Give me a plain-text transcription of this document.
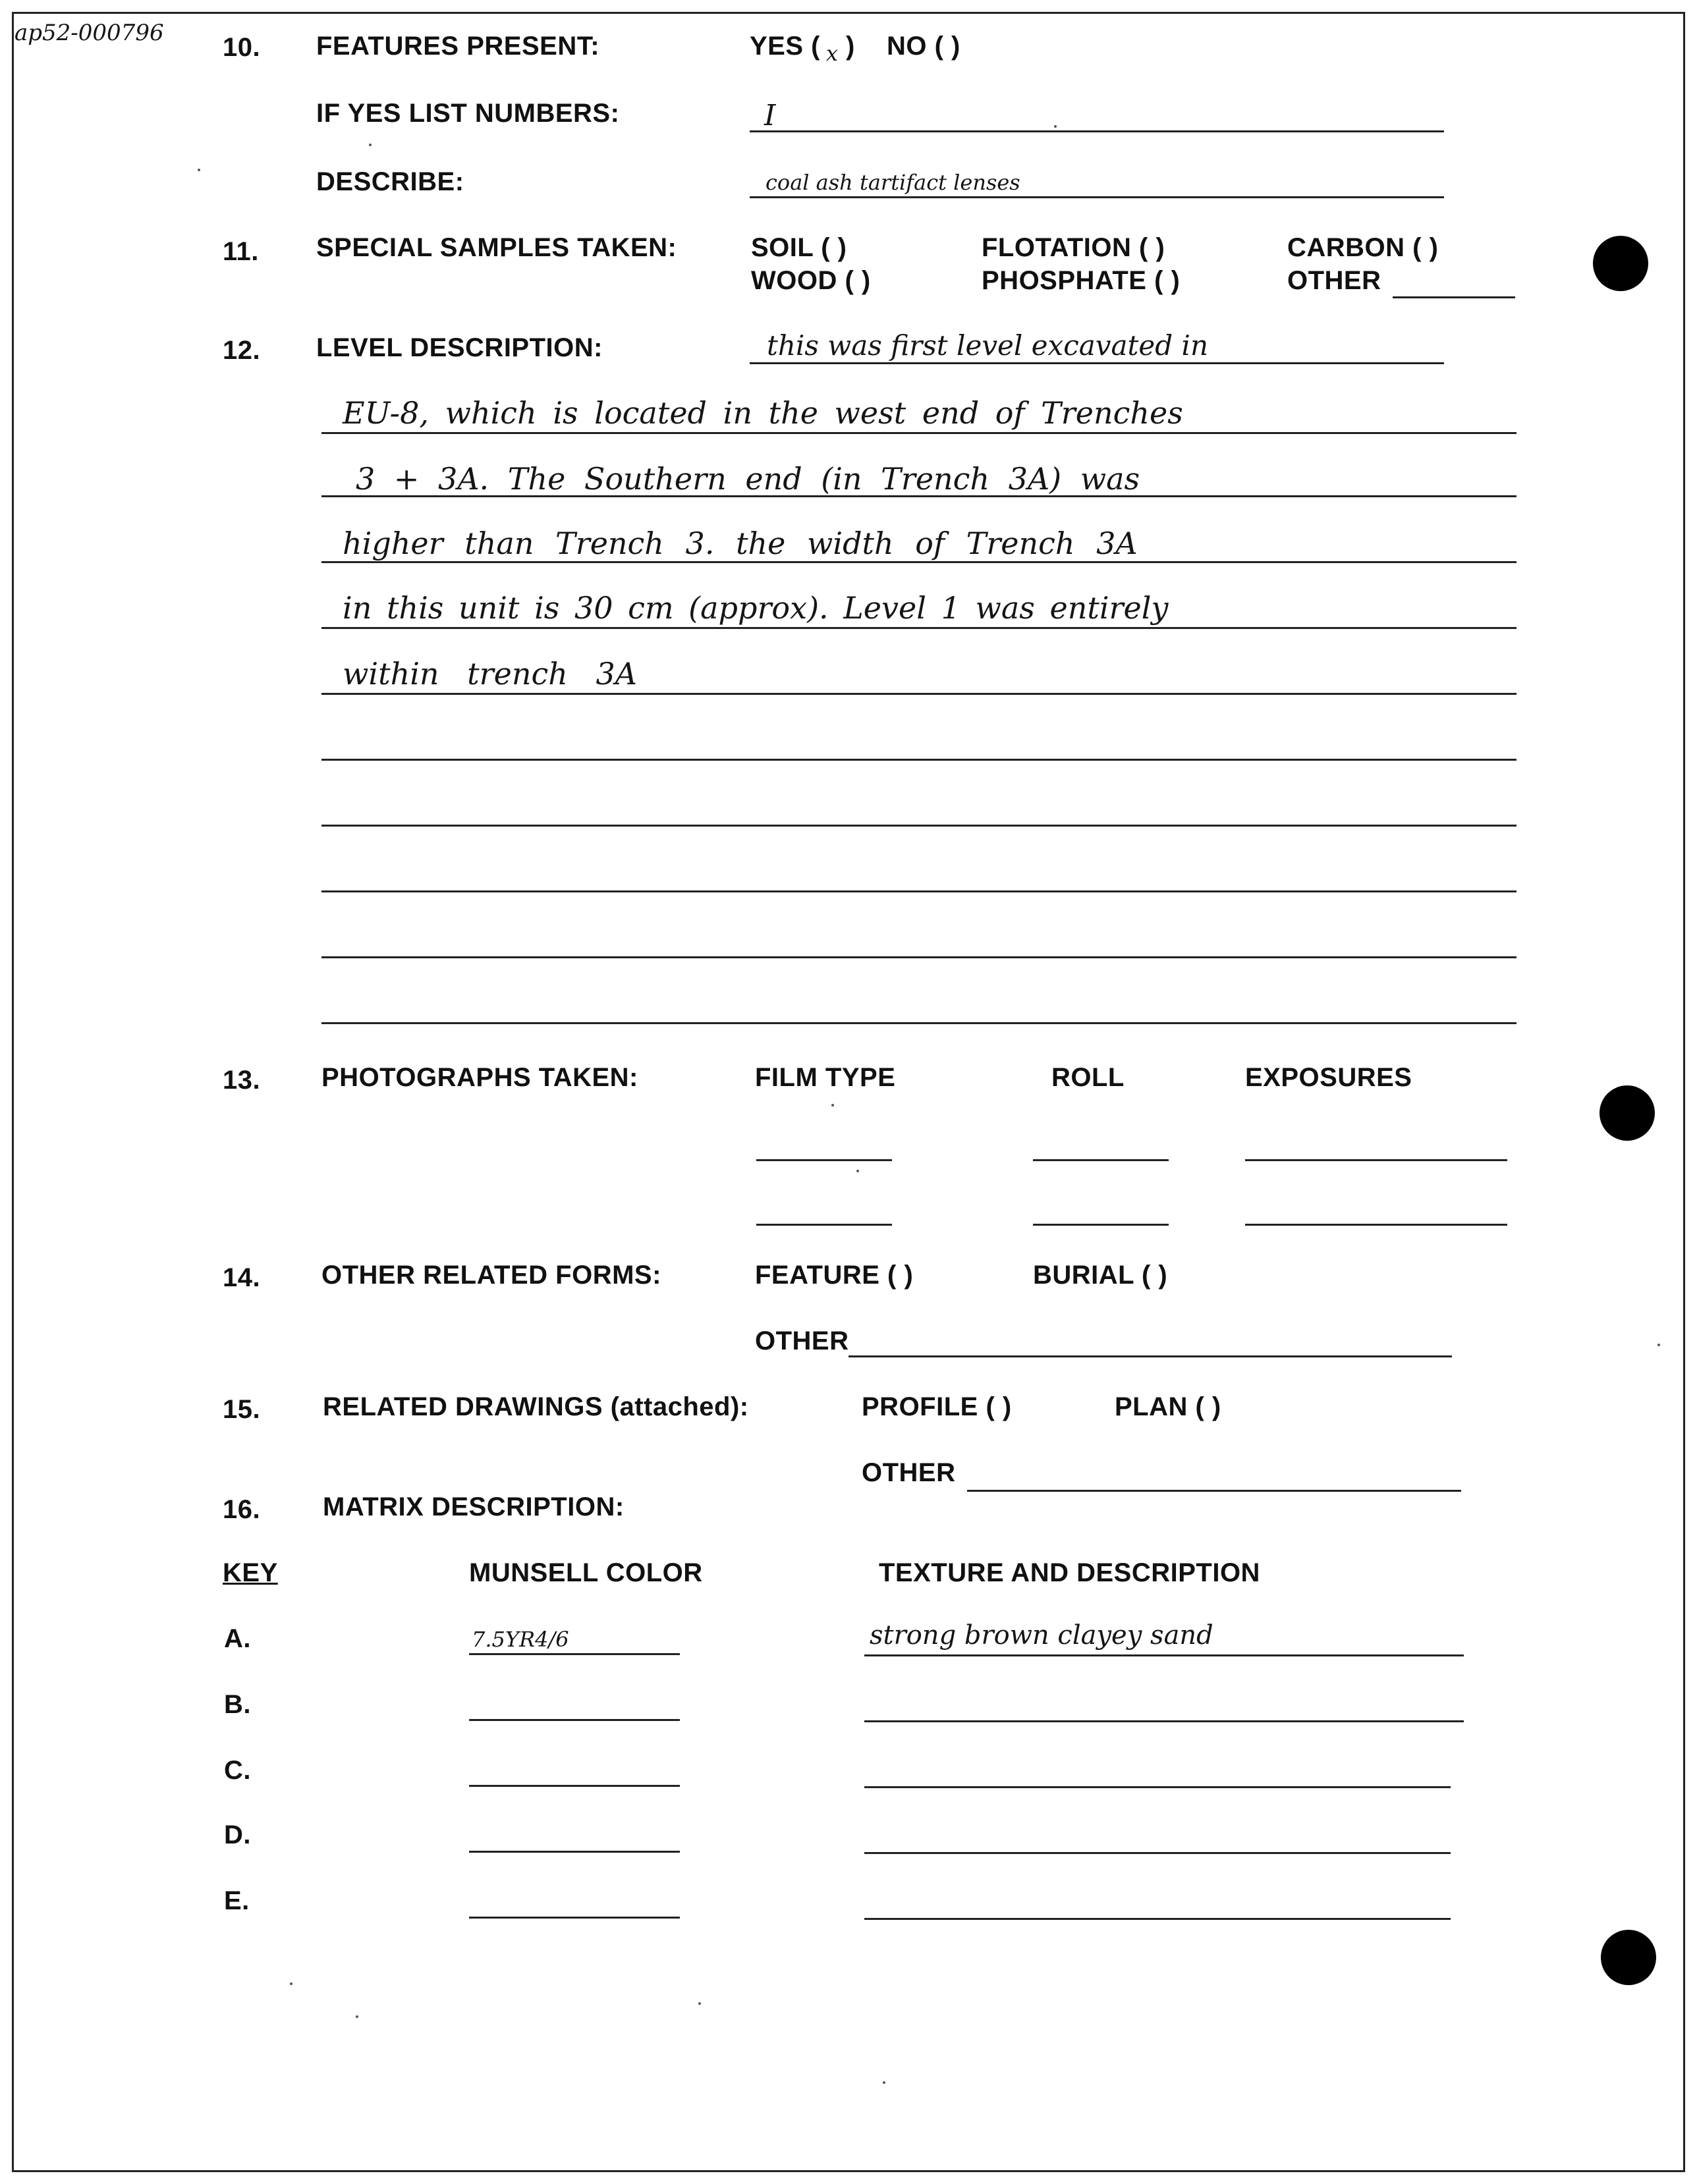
ap52-000796 10. FEATURES PRESENT:	YES ( x ) NO ( )
IF YES LIST NUMBERS:	I
DESCRIBE:	coal ash tartifact lenses
11. SPECIAL SAMPLES TAKEN:	SOIL ( )	FLOTATION ( )	CARBON ( )
WOOD ( )	PHOSPHATE ( )	OTHER
12. LEVEL DESCRIPTION:	this was first level excavated in
EU-8, which is located in the west end of Trenches
3 + 3A. The Southern end (in Trench 3A) was
higher than Trench 3. the width of Trench 3A
in this unit is 30 cm (approx). Level 1 was entirely
within trench 3A
13. PHOTOGRAPHS TAKEN:	FILM TYPE	ROLL	EXPOSURES
14. OTHER RELATED FORMS:	FEATURE ( )	BURIAL ( )
OTHER
15. RELATED DRAWINGS (attached):	PROFILE ( )	PLAN ( )
OTHER
16. MATRIX DESCRIPTION:
KEY	MUNSELL COLOR	TEXTURE AND DESCRIPTION
A.	7.5YR4/6	strong brown clayey sand
B.
C.
D.
E.
